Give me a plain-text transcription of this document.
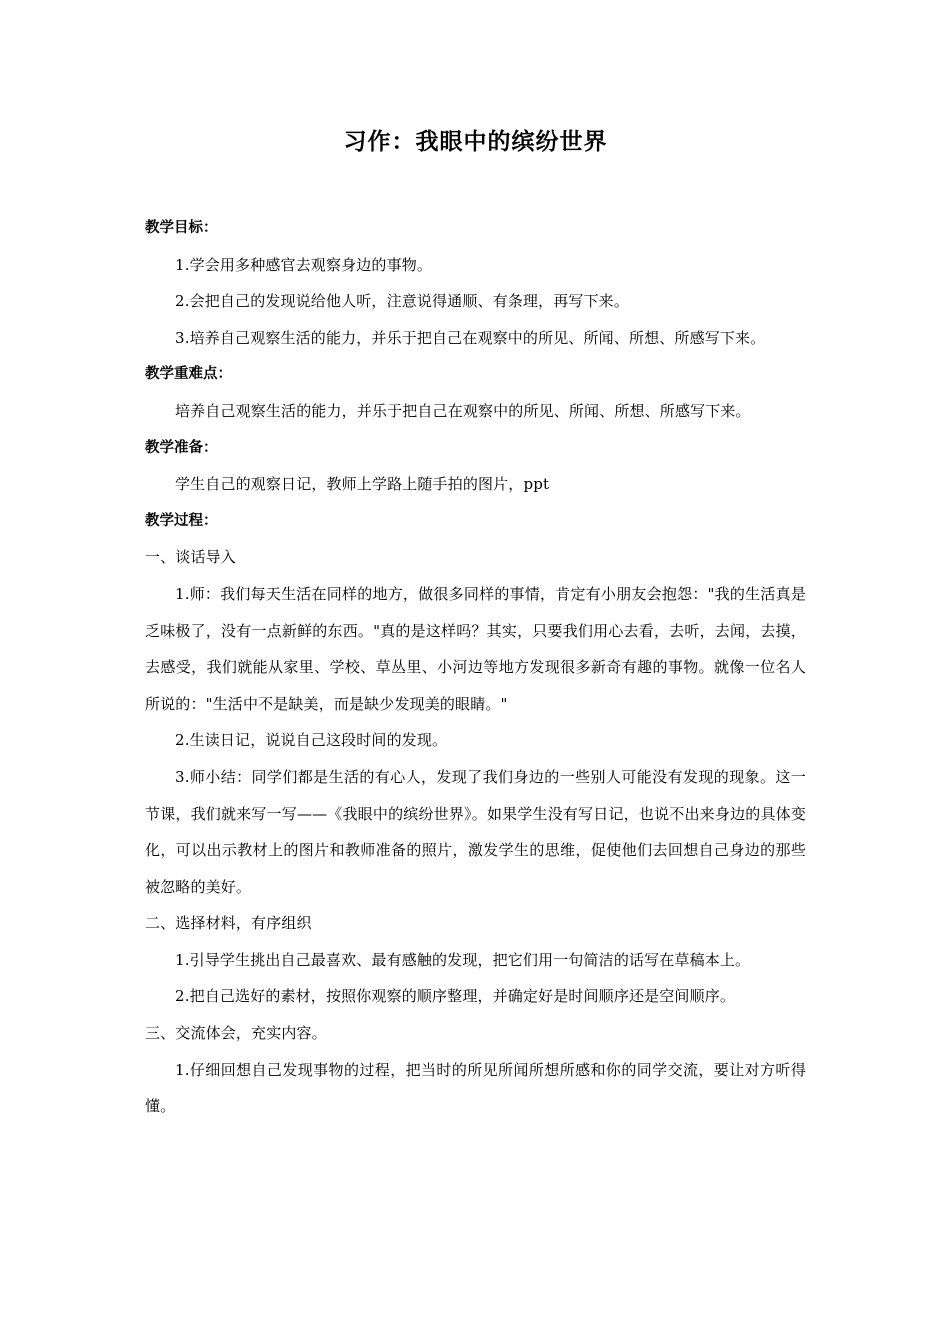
习作：我眼中的缤纷世界

教学目标：

1.学会用多种感官去观察身边的事物。

2.会把自己的发现说给他人听，注意说得通顺、有条理，再写下来。

3.培养自己观察生活的能力，并乐于把自己在观察中的所见、所闻、所想、所感写下来。

教学重难点：

培养自己观察生活的能力，并乐于把自己在观察中的所见、所闻、所想、所感写下来。

教学准备：

学生自己的观察日记，教师上学路上随手拍的图片，ppt

教学过程：

一、谈话导入

1.师：我们每天生活在同样的地方，做很多同样的事情，肯定有小朋友会抱怨："我的生活真是乏味极了，没有一点新鲜的东西。"真的是这样吗？其实，只要我们用心去看，去听，去闻，去摸，去感受，我们就能从家里、学校、草丛里、小河边等地方发现很多新奇有趣的事物。就像一位名人所说的："生活中不是缺美，而是缺少发现美的眼睛。"

2.生读日记，说说自己这段时间的发现。

3.师小结：同学们都是生活的有心人，发现了我们身边的一些别人可能没有发现的现象。这一节课，我们就来写一写——《我眼中的缤纷世界》。如果学生没有写日记，也说不出来身边的具体变化，可以出示教材上的图片和教师准备的照片，激发学生的思维，促使他们去回想自己身边的那些被忽略的美好。

二、选择材料，有序组织

1.引导学生挑出自己最喜欢、最有感触的发现，把它们用一句简洁的话写在草稿本上。

2.把自己选好的素材，按照你观察的顺序整理，并确定好是时间顺序还是空间顺序。

三、交流体会，充实内容。

1.仔细回想自己发现事物的过程，把当时的所见所闻所想所感和你的同学交流，要让对方听得懂。
